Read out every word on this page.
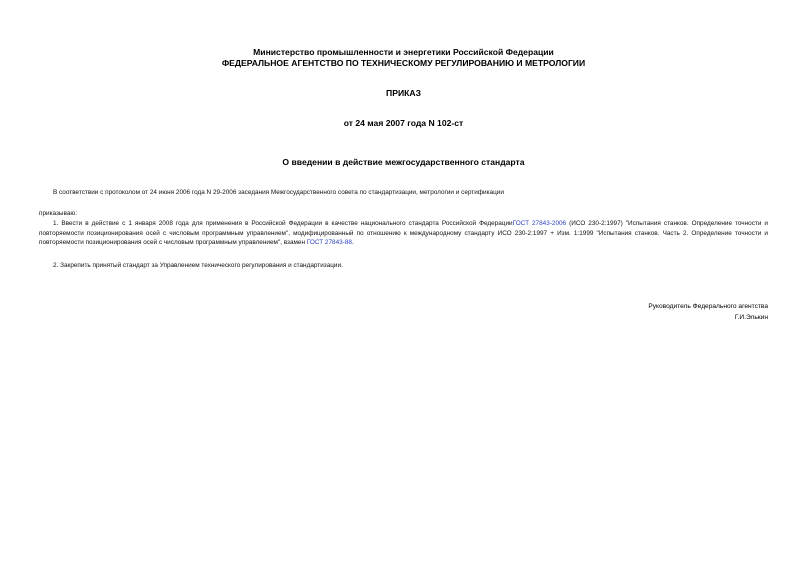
Министерство промышленности и энергетики Российской Федерации
ФЕДЕРАЛЬНОЕ АГЕНТСТВО ПО ТЕХНИЧЕСКОМУ РЕГУЛИРОВАНИЮ И МЕТРОЛОГИИ
ПРИКАЗ
от 24 мая 2007 года N 102-ст
О введении в действие межгосударственного стандарта
В соответствии с протоколом от 24 июня 2006 года N 29-2006 заседания Межгосударственного совета по стандартизации, метрологии и сертификации
приказываю:
1. Ввести в действие с 1 января 2008 года для применения в Российской Федерации в качестве национального стандарта Российской ФедерацииГОСТ 27843-2006 (ИСО 230-2:1997) "Испытания станков. Определение точности и повторяемости позиционирования осей с числовым программным управлением", модифицированный по отношению к международному стандарту ИСО 230-2:1997 + Изм. 1:1999 "Испытания станков. Часть 2. Определение точности и повторяемости позиционирования осей с числовым программным управлением", взамен ГОСТ 27843-88.
2. Закрепить принятый стандарт за Управлением технического регулирования и стандартизации.
Руководитель Федерального агентства
Г.И.Элькин
